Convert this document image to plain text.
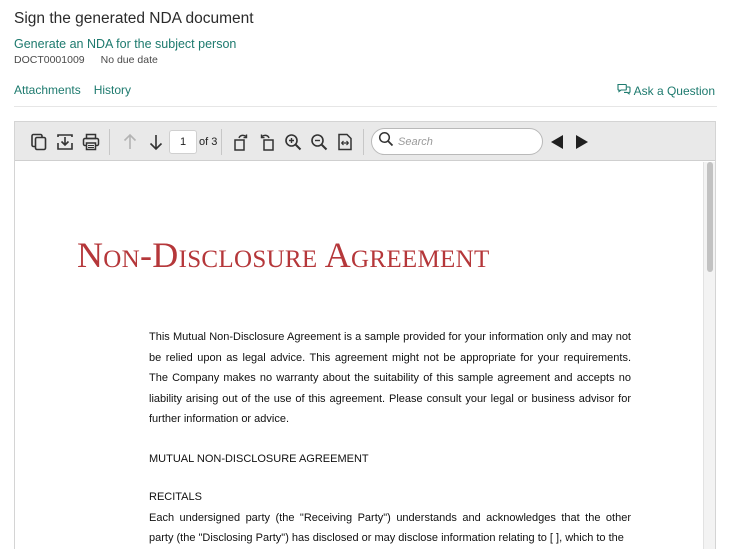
Sign the generated NDA document
Generate an NDA for the subject person
DOCT0001009 No due date
Attachments History	Ask a Question
1	of 3	Search
Non-Disclosure Agreement

This Mutual Non-Disclosure Agreement is a sample provided for your information only and may not be relied upon as legal advice. This agreement might not be appropriate for your requirements. The Company makes no warranty about the suitability of this sample agreement and accepts no liability arising out of the use of this agreement. Please consult your legal or business advisor for further information or advice.

MUTUAL NON-DISCLOSURE AGREEMENT

RECITALS

Each undersigned party (the "Receiving Party") understands and acknowledges that the other party (the "Disclosing Party") has disclosed or may disclose information relating to [ ], which to the
